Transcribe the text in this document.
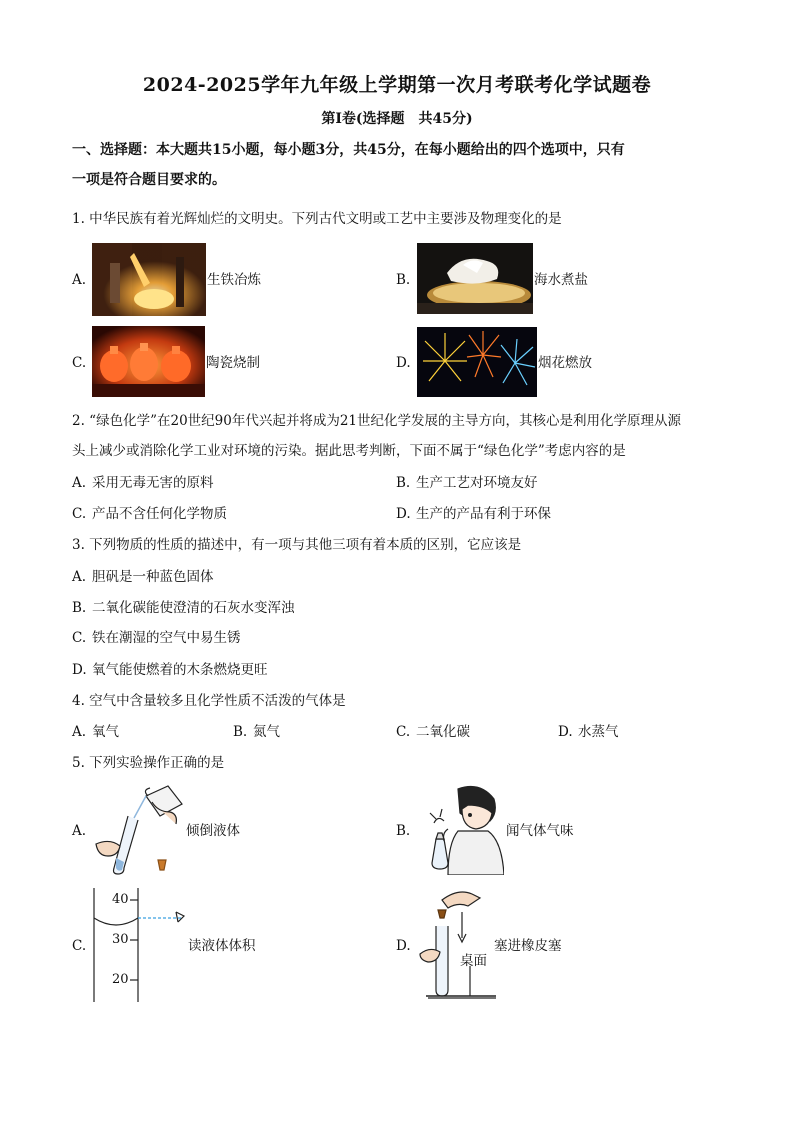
2024-2025学年九年级上学期第一次月考联考化学试题卷
第Ⅰ卷(选择题　共45分)
一、选择题：本大题共15小题，每小题3分，共45分，在每小题给出的四个选项中，只有
一项是符合题目要求的。
1. 中华民族有着光辉灿烂的文明史。下列古代文明或工艺中主要涉及物理变化的是
A.	生铁冶炼	B.	海水煮盐
C.	陶瓷烧制	D.	烟花燃放
2. “绿色化学”在20世纪90年代兴起并将成为21世纪化学发展的主导方向，其核心是利用化学原理从源
头上减少或消除化学工业对环境的污染。据此思考判断，下面不属于“绿色化学”考虑内容的是
A. 采用无毒无害的原料	B. 生产工艺对环境友好
C. 产品不含任何化学物质	D. 生产的产品有利于环保
3. 下列物质的性质的描述中，有一项与其他三项有着本质的区别，它应该是
A. 胆矾是一种蓝色固体
B. 二氧化碳能使澄清的石灰水变浑浊
C. 铁在潮湿的空气中易生锈
D. 氧气能使燃着的木条燃烧更旺
4. 空气中含量较多且化学性质不活泼的气体是
A. 氧气	B. 氮气	C. 二氧化碳	D. 水蒸气
5. 下列实验操作正确的是
A.	倾倒液体	B.	闻气体气味
C.
40
30
20
读液体体积	D.
桌面
塞进橡皮塞
